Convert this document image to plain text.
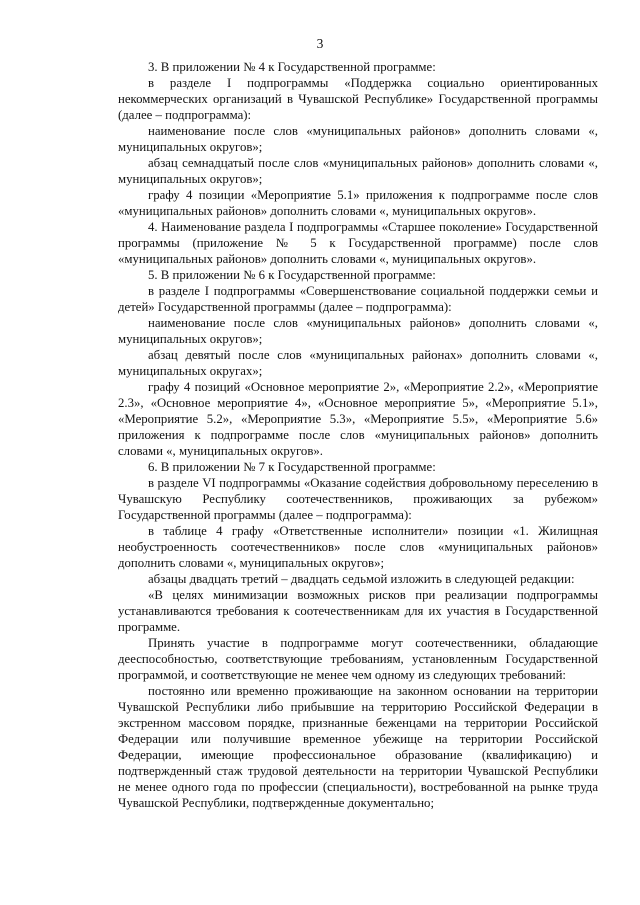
3

3. В приложении № 4 к Государственной программе:

в разделе I подпрограммы «Поддержка социально ориентированных некоммерческих организаций в Чувашской Республике» Государственной программы (далее – подпрограмма):

наименование после слов «муниципальных районов» дополнить словами «, муниципальных округов»;

абзац семнадцатый после слов «муниципальных районов» дополнить словами «, муниципальных округов»;

графу 4 позиции «Мероприятие 5.1» приложения к подпрограмме после слов «муниципальных районов» дополнить словами «, муниципальных округов».

4. Наименование раздела I подпрограммы «Старшее поколение» Государственной программы (приложение № 5 к Государственной программе) после слов «муниципальных районов» дополнить словами «, муниципальных округов».

5. В приложении № 6 к Государственной программе:

в разделе I подпрограммы «Совершенствование социальной поддержки семьи и детей» Государственной программы (далее – подпрограмма):

наименование после слов «муниципальных районов» дополнить словами «, муниципальных округов»;

абзац девятый после слов «муниципальных районах» дополнить словами «, муниципальных округах»;

графу 4 позиций «Основное мероприятие 2», «Мероприятие 2.2», «Мероприятие 2.3», «Основное мероприятие 4», «Основное мероприятие 5», «Мероприятие 5.1», «Мероприятие 5.2», «Мероприятие 5.3», «Мероприятие 5.5», «Мероприятие 5.6» приложения к подпрограмме после слов «муниципальных районов» дополнить словами «, муниципальных округов».

6. В приложении № 7 к Государственной программе:

в разделе VI подпрограммы «Оказание содействия добровольному переселению в Чувашскую Республику соотечественников, проживающих за рубежом» Государственной программы (далее – подпрограмма):

в таблице 4 графу «Ответственные исполнители» позиции «1. Жилищная необустроенность соотечественников» после слов «муниципальных районов» дополнить словами «, муниципальных округов»;

абзацы двадцать третий – двадцать седьмой изложить в следующей редакции:

«В целях минимизации возможных рисков при реализации подпрограммы устанавливаются требования к соотечественникам для их участия в Государственной программе.

Принять участие в подпрограмме могут соотечественники, обладающие дееспособностью, соответствующие требованиям, установленным Государственной программой, и соответствующие не менее чем одному из следующих требований:

постоянно или временно проживающие на законном основании на территории Чувашской Республики либо прибывшие на территорию Российской Федерации в экстренном массовом порядке, признанные беженцами на территории Российской Федерации или получившие временное убежище на территории Российской Федерации, имеющие профессиональное образование (квалификацию) и подтвержденный стаж трудовой деятельности на территории Чувашской Республики не менее одного года по профессии (специальности), востребованной на рынке труда Чувашской Республики, подтвержденные документально;
